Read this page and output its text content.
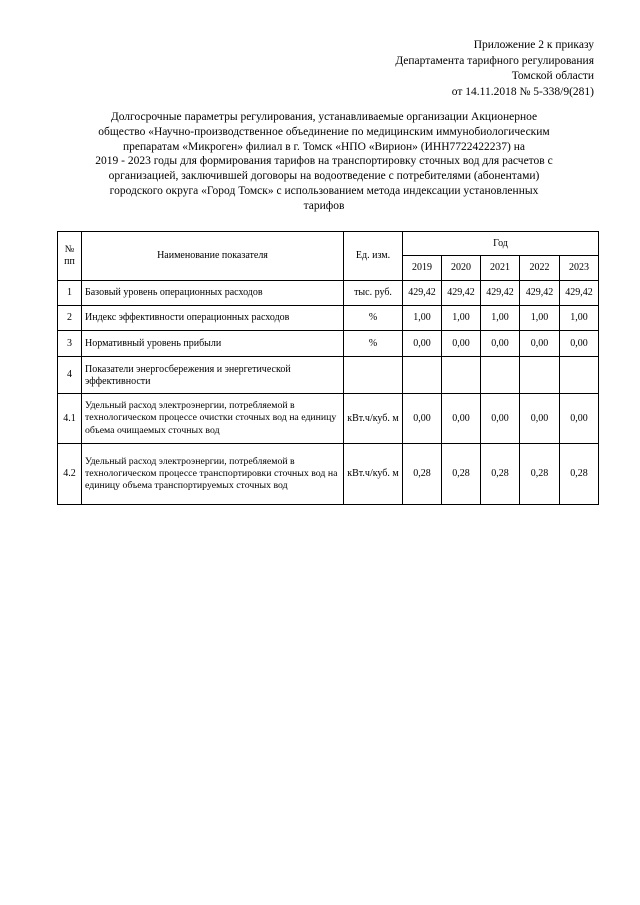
Приложение 2 к приказу
Департамента тарифного регулирования
Томской области
от 14.11.2018 № 5-338/9(281)
Долгосрочные параметры регулирования, устанавливаемые организации Акционерное
общество «Научно-производственное объединение по медицинским иммунобиологическим
препаратам «Микроген» филиал в г. Томск «НПО «Вирион» (ИНН7722422237) на
2019 - 2023 годы для формирования тарифов на транспортировку сточных вод для расчетов с
организацией, заключившей договоры на водоотведение с потребителями (абонентами)
городского округа «Город Томск» с использованием метода индексации установленных
тарифов
№ пп	Наименование показателя	Ед. изм.	Год				
			2019	2020	2021	2022	2023
1	Базовый уровень операционных расходов	тыс. руб.	429,42	429,42	429,42	429,42	429,42
2	Индекс эффективности операционных расходов	%	1,00	1,00	1,00	1,00	1,00
3	Нормативный уровень прибыли	%	0,00	0,00	0,00	0,00	0,00
4	Показатели энергосбережения и энергетической эффективности						
4.1	Удельный расход электроэнергии, потребляемой в технологическом процессе очистки сточных вод на единицу объема очищаемых сточных вод	кВт.ч/куб. м	0,00	0,00	0,00	0,00	0,00
4.2	Удельный расход электроэнергии, потребляемой в технологическом процессе транспортировки сточных вод на единицу объема транспортируемых сточных вод	кВт.ч/куб. м	0,28	0,28	0,28	0,28	0,28
